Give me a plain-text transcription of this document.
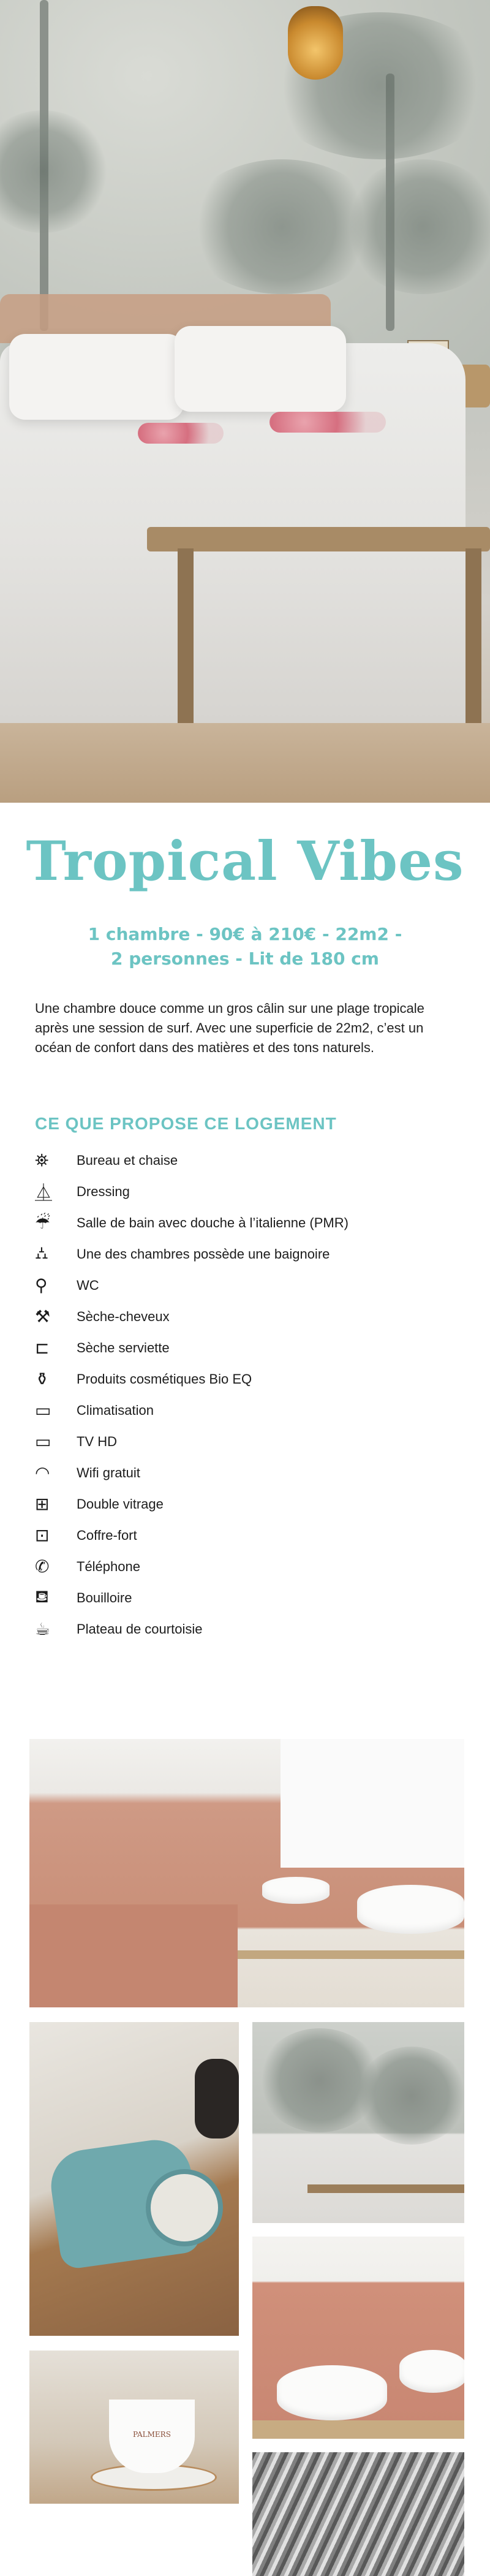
Tropical Vibes
1 chambre - 90€ à 210€ - 22m2 -
2 personnes - Lit de 180 cm

Une chambre douce comme un gros câlin sur une plage tropicale après une session de surf. Avec une superficie de 22m2, c’est un océan de confort dans des matières et des tons naturels.

CE QUE PROPOSE CE LOGEMENT
⛯	Bureau et chaise
⏅	Dressing
☔	Salle de bain avec douche à l’italienne (PMR)
⛼	Une des chambres possède une baignoire
⚲	WC
⚒	Sèche-cheveux
⊏	Sèche serviette
⚱	Produits cosmétiques Bio EQ
▭	Climatisation
▭	TV HD
◠	Wifi gratuit
⊞	Double vitrage
⊡	Coffre-fort
✆	Téléphone
⛾	Bouilloire
☕	Plateau de courtoisie
PALMERS
